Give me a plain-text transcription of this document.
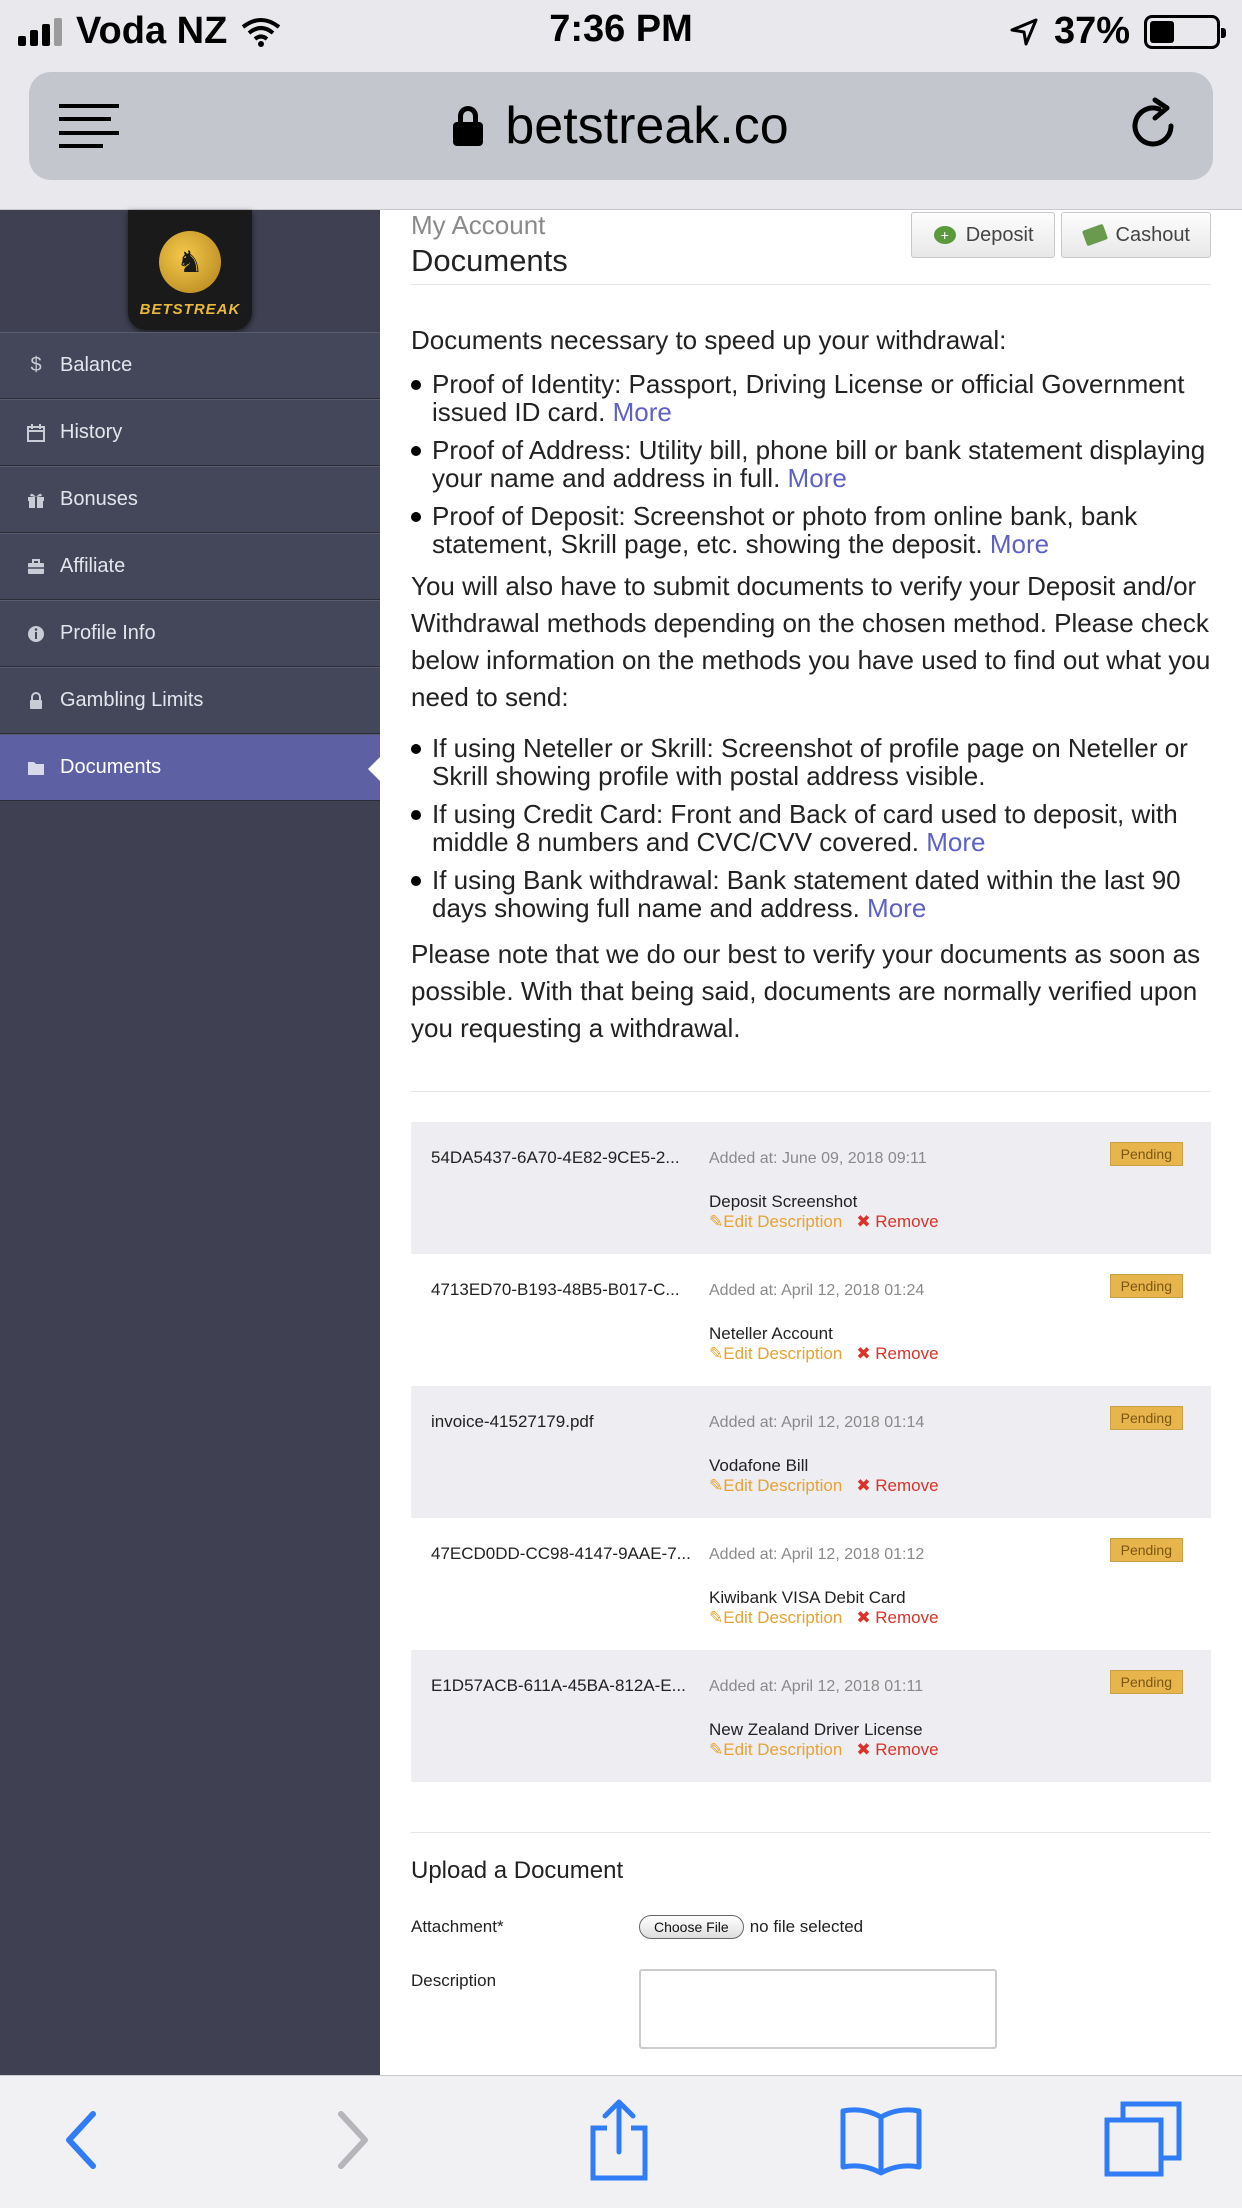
Voda NZ	7:36 PM	37%
betstreak.co
♞
BETSTREAK
$ Balance
History
Bonuses
Affiliate
Profile Info
Gambling Limits
Documents
My Account
Documents
+ Deposit	Cashout
Documents necessary to speed up your withdrawal:
Proof of Identity: Passport, Driving License or official Government issued ID card. More
Proof of Address: Utility bill, phone bill or bank statement displaying your name and address in full. More
Proof of Deposit: Screenshot or photo from online bank, bank statement, Skrill page, etc. showing the deposit. More
You will also have to submit documents to verify your Deposit and/or Withdrawal methods depending on the chosen method. Please check below information on the methods you have used to find out what you need to send:
If using Neteller or Skrill: Screenshot of profile page on Neteller or Skrill showing profile with postal address visible.
If using Credit Card: Front and Back of card used to deposit, with middle 8 numbers and CVC/CVV covered. More
If using Bank withdrawal: Bank statement dated within the last 90 days showing full name and address. More
Please note that we do our best to verify your documents as soon as possible. With that being said, documents are normally verified upon you requesting a withdrawal.
54DA5437-6A70-4E82-9CE5-2... Added at: June 09, 2018 09:11
Deposit Screenshot
✎Edit Description ✖ Remove
Pending
4713ED70-B193-48B5-B017-C... Added at: April 12, 2018 01:24
Neteller Account
✎Edit Description ✖ Remove
Pending
invoice-41527179.pdf	Added at: April 12, 2018 01:14
Vodafone Bill
✎Edit Description ✖ Remove
Pending
47ECD0DD-CC98-4147-9AAE-7... Added at: April 12, 2018 01:12
Kiwibank VISA Debit Card
✎Edit Description ✖ Remove
Pending
E1D57ACB-611A-45BA-812A-E... Added at: April 12, 2018 01:11
New Zealand Driver License
✎Edit Description ✖ Remove
Pending
Upload a Document
Attachment*	Choose File	no file selected
Description
